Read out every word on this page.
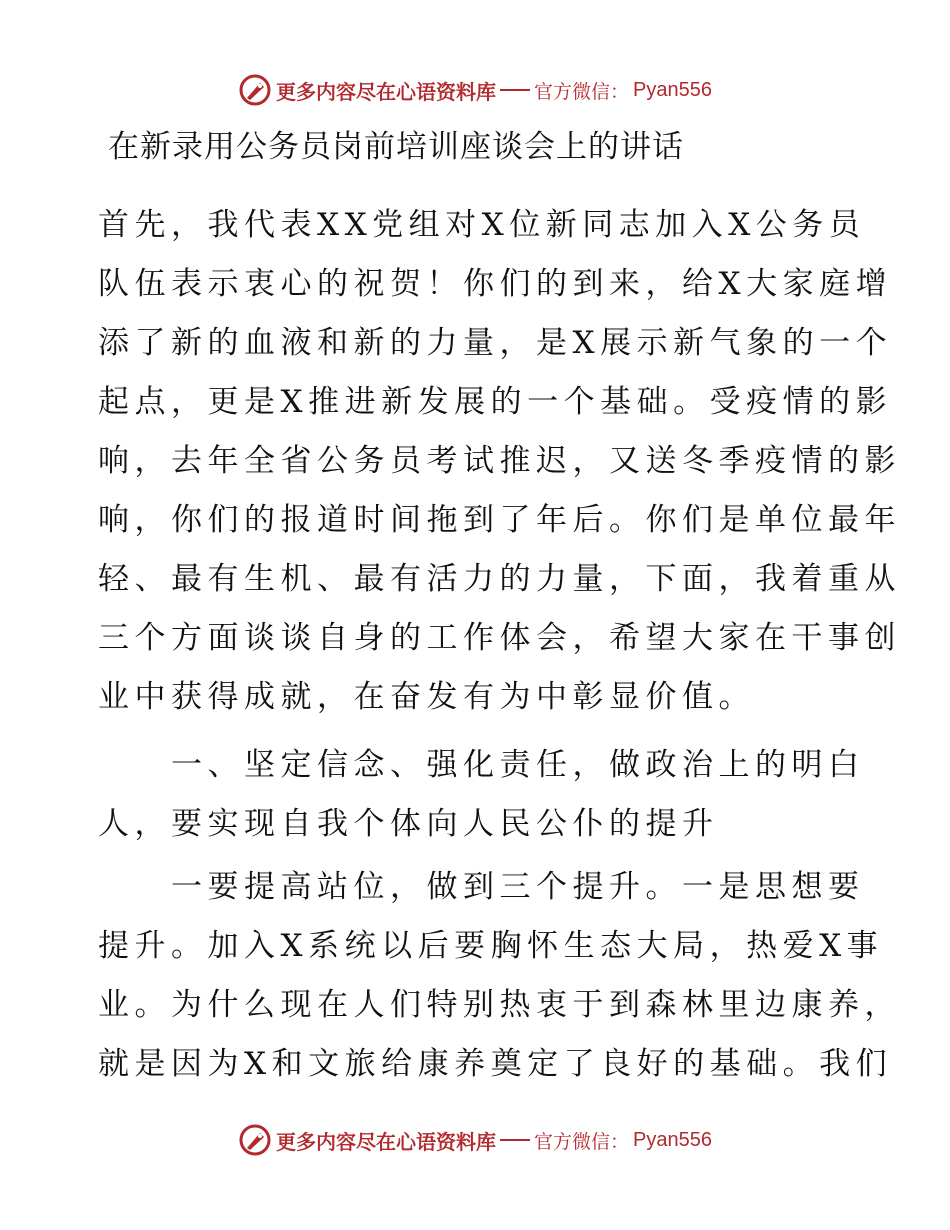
更多内容尽在心语资料库 官方微信： Pyan556
在新录用公务员岗前培训座谈会上的讲话

首先，我代表XX党组对X位新同志加入X公务员
队伍表示衷心的祝贺！你们的到来，给X大家庭增
添了新的血液和新的力量，是X展示新气象的一个
起点，更是X推进新发展的一个基础。受疫情的影
响，去年全省公务员考试推迟，又送冬季疫情的影
响，你们的报道时间拖到了年后。你们是单位最年
轻、最有生机、最有活力的力量，下面，我着重从
三个方面谈谈自身的工作体会，希望大家在干事创
业中获得成就，在奋发有为中彰显价值。

　　一、坚定信念、强化责任，做政治上的明白
人，要实现自我个体向人民公仆的提升

　　一要提高站位，做到三个提升。一是思想要
提升。加入X系统以后要胸怀生态大局，热爱X事
业。为什么现在人们特别热衷于到森林里边康养，
就是因为X和文旅给康养奠定了良好的基础。我们

更多内容尽在心语资料库 官方微信： Pyan556
